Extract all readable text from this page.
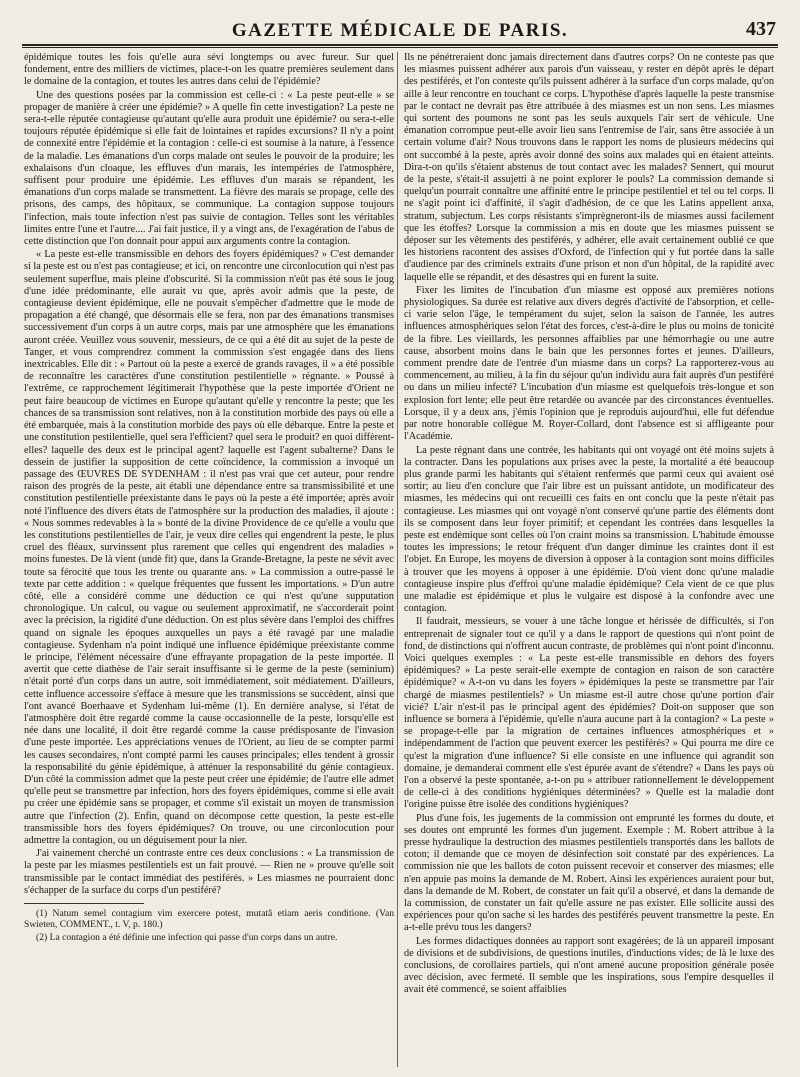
GAZETTE MÉDICALE DE PARIS.	437

épidémique toutes les fois qu'elle aura sévi longtemps ou avec fureur. Sur quel fondement, entre des milliers de victimes, place-t-on les quatre premières seulement dans le domaine de la contagion, et toutes les autres dans celui de l'épidémie?

Une des questions posées par la commission est celle-ci : « La peste peut-elle » se propager de manière à créer une épidémie? » A quelle fin cette investigation? La peste ne sera-t-elle réputée contagieuse qu'autant qu'elle aura produit une épidémie? ou sera-t-elle toujours réputée épidémique si elle fait de lointaines et rapides excursions? Il n'y a point de connexité entre l'épidémie et la contagion : celle-ci est soumise à la nature, à l'essence de la maladie. Les émanations d'un corps malade ont seules le pouvoir de la produire; les exhalaisons d'un cloaque, les effluves d'un marais, les intempéries de l'atmosphère, suffisent pour produire une épidémie. Les effluves d'un marais se répandent, les émanations d'un corps malade se transmettent. La fièvre des marais se propage, celle des prisons, des camps, des hôpitaux, se communique. La contagion suppose toujours l'infection, mais toute infection n'est pas suivie de contagion. Telles sont les véritables limites entre l'une et l'autre.... J'ai fait justice, il y a vingt ans, de l'exagération de l'abus de cette distinction que l'on donnait pour appui aux arguments contre la contagion.

« La peste est-elle transmissible en dehors des foyers épidémiques? » C'est demander si la peste est ou n'est pas contagieuse; et ici, on rencontre une circonlocution qui n'est pas seulement superflue, mais pleine d'obscurité. Si la commission n'eût pas été sous le joug d'une idée prédominante, elle aurait vu que, après avoir admis que la peste, de contagieuse devient épidémique, elle ne pouvait s'empêcher d'admettre que le mode de propagation a été changé, que désormais elle se fera, non par des émanations transmises successivement d'un corps à un autre corps, mais par une atmosphère que les émanations auront créée. Veuillez vous souvenir, messieurs, de ce qui a été dit au sujet de la peste de Tanger, et vous comprendrez comment la commission s'est engagée dans des liens inextricables. Elle dit : « Partout où la peste a exercé de grands ravages, il » a été possible de reconnaître les caractères d'une constitution pestilentielle » régnante. » Poussé à l'extrême, ce rapprochement légitimerait l'hypothèse que la peste importée d'Orient ne peut faire beaucoup de victimes en Europe qu'autant qu'elle y rencontre la peste; que les chances de sa transmission sont relatives, non à la constitution morbide des pays où elle a été embarquée, mais à la constitution morbide des pays où elle débarque. Entre la peste et une constitution pestilentielle, quel sera l'efficient? quel sera le produit? en quoi diffèrent-elles? laquelle des deux est le principal agent? laquelle est l'agent subalterne? Dans le dessein de justifier la supposition de cette coïncidence, la commission a invoqué un passage des ŒUVRES DE SYDENHAM : il n'est pas vrai que cet auteur, pour rendre raison des progrès de la peste, ait établi une dépendance entre sa transmissibilité et une constitution pestilentielle préexistante dans le pays où la peste a été importée; après avoir noté l'influence des divers états de l'atmosphère sur la production des maladies, il ajoute : « Nous sommes redevables à la » bonté de la divine Providence de ce qu'elle a voulu que les constitutions pestilentielles de l'air, je veux dire celles qui engendrent la peste, le plus cruel des fléaux, survinssent plus rarement que celles qui engendrent des maladies » moins funestes. De là vient (undè fit) que, dans la Grande-Bretagne, la peste ne sévit avec toute sa férocité que tous les trente ou quarante ans. » La commission a outre-passé le texte par cette addition : « quelque fréquentes que fussent les importations. » D'un autre côté, elle a considéré comme une déduction ce qui n'est qu'une supputation chronologique. Un calcul, ou vague ou seulement approximatif, ne s'accorderait point avec la précision, la rigidité d'une déduction. On est plus sévère dans l'emploi des chiffres quand on signale les époques auxquelles un pays a été ravagé par une maladie contagieuse. Sydenham n'a point indiqué une influence épidémique préexistante comme le principe, l'élément nécessaire d'une effrayante propagation de la peste importée. Il avertit que cette diathèse de l'air serait insuffisante si le germe de la peste (seminium) n'était porté d'un corps dans un autre, soit immédiatement, soit médiatement. D'ailleurs, cette influence accessoire s'efface à mesure que les transmissions se succèdent, ainsi que l'ont avancé Boerhaave et Sydenham lui-même (1). En dernière analyse, si l'état de l'atmosphère doit être regardé comme la cause occasionnelle de la peste, lorsqu'elle est née dans une localité, il doit être regardé comme la cause prédisposante de l'invasion d'une peste importée. Les appréciations venues de l'Orient, au lieu de se compter parmi les causes secondaires, n'ont compté parmi les causes principales; elles tendent à grossir la responsabilité du génie épidémique, à atténuer la responsabilité du génie contagieux. D'un côté la commission admet que la peste peut créer une épidémie; de l'autre elle admet qu'elle peut se transmettre par infection, hors des foyers épidémiques, comme si elle avait pu créer une épidémie sans se propager, et comme s'il existait un moyen de transmission autre que l'infection (2). Enfin, quand on décompose cette question, la peste est-elle transmissible hors des foyers épidémiques? On trouve, ou une circonlocution pour admettre la contagion, ou un déguisement pour la nier.

J'ai vainement cherché un contraste entre ces deux conclusions : « La transmission de la peste par les miasmes pestilentiels est un fait prouvé. — Rien ne » prouve qu'elle soit transmissible par le contact immédiat des pestiférés. » Les miasmes ne pourraient donc s'échapper de la surface du corps d'un pestiféré?

(1) Natum semel contagium vim exercere potest, mutatâ etiam aeris conditione. (Van Swieten, COMMENT., t. V, p. 180.)

(2) La contagion a été définie une infection qui passe d'un corps dans un autre.

Ils ne pénétreraient donc jamais directement dans d'autres corps? On ne conteste pas que les miasmes puissent adhérer aux parois d'un vaisseau, y rester en dépôt après le départ des pestiférés, et l'on conteste qu'ils puissent adhérer à la surface d'un corps malade, qu'on aille à leur rencontre en touchant ce corps. L'hypothèse d'après laquelle la peste transmise par le contact ne devrait pas être attribuée à des miasmes est un non sens. Les miasmes qui sortent des poumons ne sont pas les seuls auxquels l'air sert de véhicule. Une émanation corrompue peut-elle avoir lieu sans l'entremise de l'air, sans être associée à un certain volume d'air? Nous trouvons dans le rapport les noms de plusieurs médecins qui ont succombé à la peste, après avoir donné des soins aux malades qui en étaient atteints. Dira-t-on qu'ils s'étaient abstenus de tout contact avec les malades? Sennert, qui mourut de la peste, s'était-il assujetti à ne point explorer le pouls? La commission demande si quelqu'un pourrait connaître une affinité entre le principe pestilentiel et tel ou tel corps. Il ne s'agit point ici d'affinité, il s'agit d'adhésion, de ce que les Latins appellent anxa, stratum, subjectum. Les corps résistants s'imprègneront-ils de miasmes aussi facilement que les étoffes? Lorsque la commission a mis en doute que les miasmes puissent se déposer sur les vêtements des pestiférés, y adhérer, elle avait certainement oublié ce que les historiens racontent des assises d'Oxford, de l'infection qui y fut portée dans la salle d'audience par des criminels extraits d'une prison et non d'un hôpital, de la rapidité avec laquelle elle se répandit, et des désastres qui en furent la suite.

Fixer les limites de l'incubation d'un miasme est opposé aux premières notions physiologiques. Sa durée est relative aux divers degrés d'activité de l'absorption, et celle-ci varie selon l'âge, le tempérament du sujet, selon la saison de l'année, les autres influences atmosphériques selon l'état des forces, c'est-à-dire le plus ou moins de tonicité de la fibre. Les vieillards, les personnes affaiblies par une hémorrhagie ou une autre cause, absorbent moins dans le bain que les personnes fortes et jeunes. D'ailleurs, comment prendre date de l'entrée d'un miasme dans un corps? La rapporterez-vous au commencement, au milieu, à la fin du séjour qu'un individu aura fait auprès d'un pestiféré ou dans un milieu infecté? L'incubation d'un miasme est quelquefois très-longue et son explosion fort lente; elle peut être retardée ou avancée par des circonstances éventuelles. Lorsque, il y a deux ans, j'émis l'opinion que je reproduis aujourd'hui, elle fut défendue par notre honorable collègue M. Royer-Collard, dont l'absence est si affligeante pour l'Académie.

La peste régnant dans une contrée, les habitants qui ont voyagé ont été moins sujets à la contracter. Dans les populations aux prises avec la peste, la mortalité a été beaucoup plus grande parmi les habitants qui s'étaient renfermés que parmi ceux qui avaient osé sortir; au lieu d'en conclure que l'air libre est un puissant antidote, un modificateur des miasmes, les médecins qui ont recueilli ces faits en ont conclu que la peste n'était pas contagieuse. Les miasmes qui ont voyagé n'ont conservé qu'une partie des éléments dont ils se composent dans leur foyer primitif; et cependant les contrées dans lesquelles la peste est endémique sont celles où l'on craint moins sa transmission. L'habitude émousse toutes les impressions; le retour fréquent d'un danger diminue les craintes dont il est l'objet. En Europe, les moyens de diversion à opposer à la contagion sont moins difficiles à trouver que les moyens à opposer à une épidémie. D'où vient donc qu'une maladie contagieuse inspire plus d'effroi qu'une maladie épidémique? Cela vient de ce que plus une maladie est épidémique et plus le vulgaire est disposé à la confondre avec une contagion.

Il faudrait, messieurs, se vouer à une tâche longue et hérissée de difficultés, si l'on entreprenait de signaler tout ce qu'il y a dans le rapport de questions qui n'ont point de fond, de distinctions qui n'offrent aucun contraste, de problèmes qui n'ont point d'inconnu. Voici quelques exemples : « La peste est-elle transmissible en dehors des foyers épidémiques? » La peste serait-elle exempte de contagion en raison de son caractère épidémique? « A-t-on vu dans les foyers » épidémiques la peste se transmettre par l'air chargé de miasmes pestilentiels? » Un miasme est-il autre chose qu'une portion d'air vicié? L'air n'est-il pas le principal agent des épidémies? Doit-on supposer que son influence se bornera à l'épidémie, qu'elle n'aura aucune part à la contagion? « La peste » se propage-t-elle par la migration de certaines influences atmosphériques et » indépendamment de l'action que peuvent exercer les pestiférés? » Qui pourra me dire ce qu'est la migration d'une influence? Si elle consiste en une influence qui agrandit son domaine, je demanderai comment elle s'est épurée avant de s'étendre? « Dans les pays où l'on a observé la peste spontanée, a-t-on pu » attribuer rationnellement le développement de celle-ci à des conditions hygiéniques déterminées? » Quelle est la maladie dont l'origine puisse être isolée des conditions hygiéniques?

Plus d'une fois, les jugements de la commission ont emprunté les formes du doute, et ses doutes ont emprunté les formes d'un jugement. Exemple : M. Robert attribue à la presse hydraulique la destruction des miasmes pestilentiels transportés dans les ballots de coton; il demande que ce moyen de désinfection soit constaté par des expériences. La commission nie que les ballots de coton puissent recevoir et conserver des miasmes; elle n'en appuie pas moins la demande de M. Robert. Ainsi les expériences auraient pour but, dans la demande de M. Robert, de constater un fait qu'il a observé, et dans la demande de la commission, de constater un fait qu'elle assure ne pas exister. Elle sollicite aussi des expériences pour qu'on sache si les hardes des pestiférés peuvent transmettre la peste. En a-t-elle prévu tous les dangers?

Les formes didactiques données au rapport sont exagérées; de là un appareil imposant de divisions et de subdivisions, de questions inutiles, d'inductions vides; de là le luxe des conclusions, de corollaires partiels, qui n'ont amené aucune proposition générale posée avec décision, avec fermeté. Il semble que les inspirations, sous l'empire desquelles il avait été commencé, se soient affaiblies
